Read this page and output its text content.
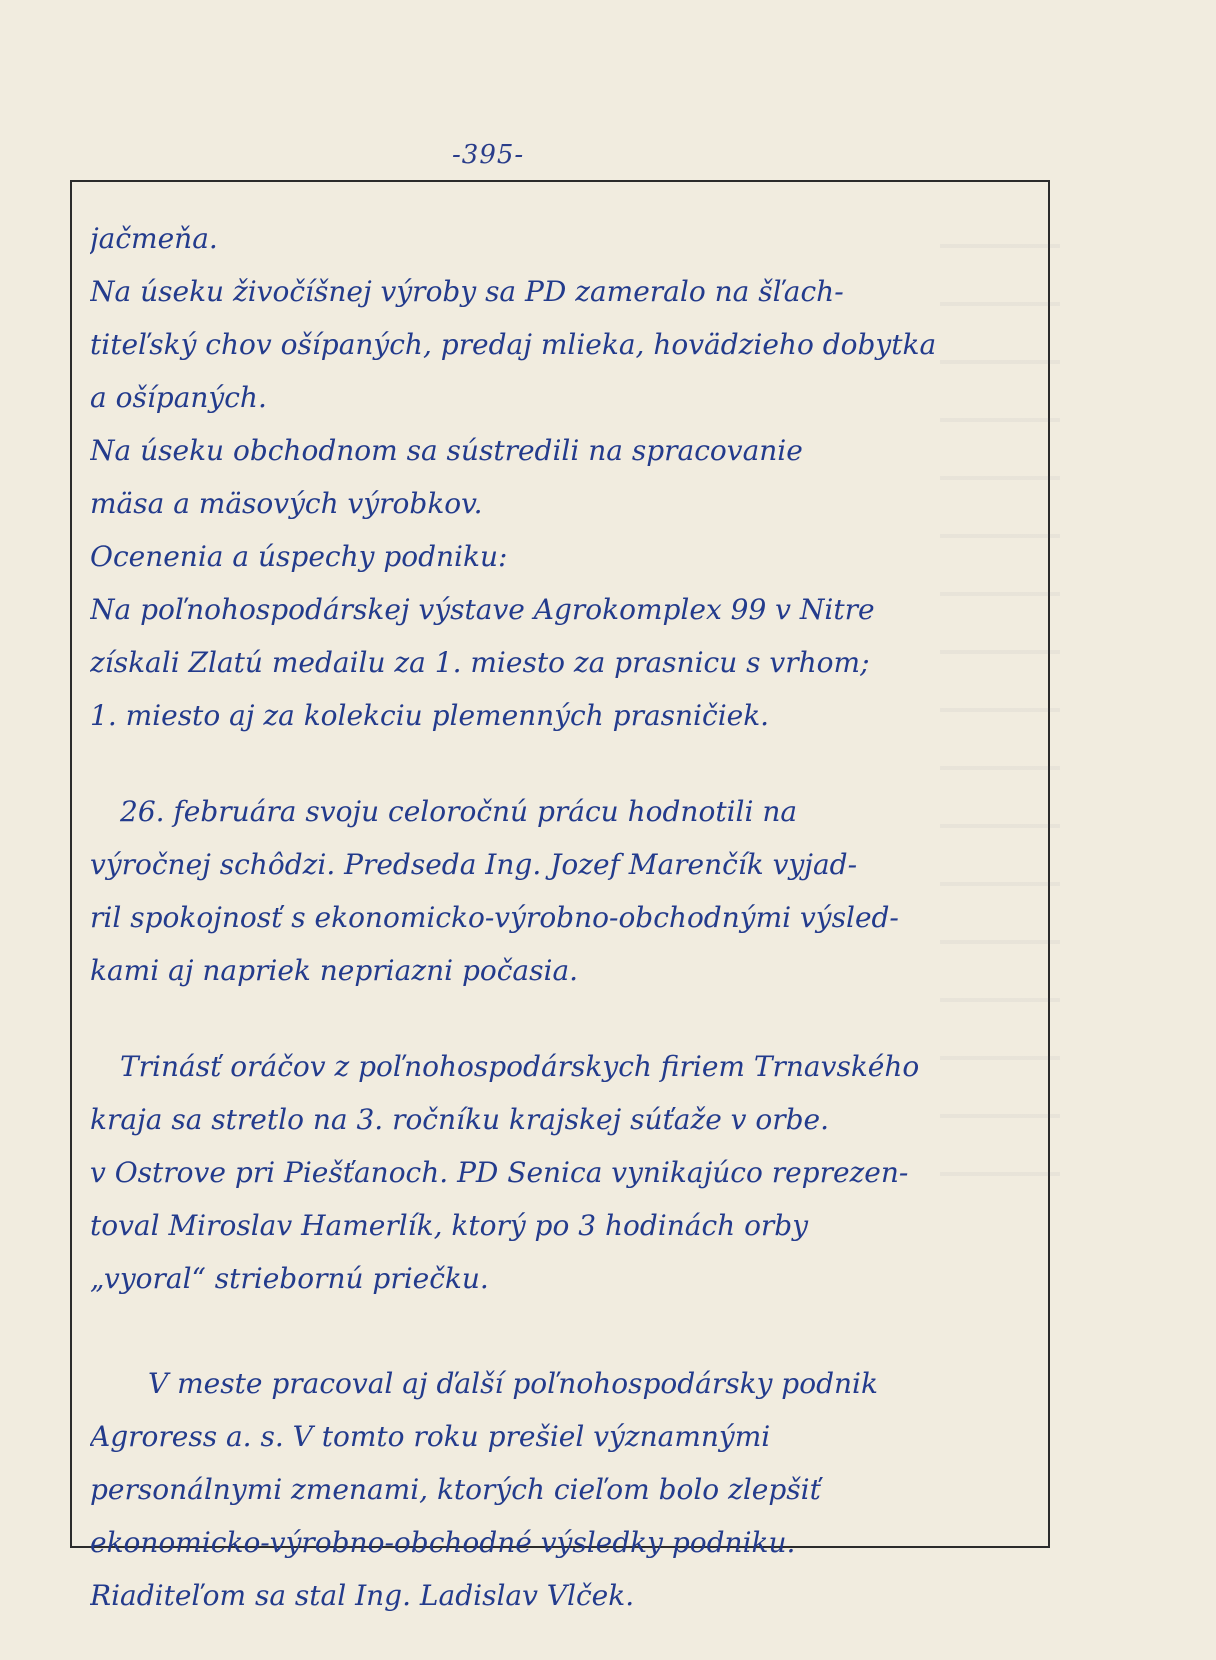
-395-
jačmeňa.
Na úseku živočíšnej výroby sa PD zameralo na šľach-
titeľský chov ošípaných, predaj mlieka, hovädzieho dobytka
a ošípaných.
Na úseku obchodnom sa sústredili na spracovanie
mäsa a mäsových výrobkov.
Ocenenia a úspechy podniku:
Na poľnohospodárskej výstave Agrokomplex 99 v Nitre
získali Zlatú medailu za 1. miesto za prasnicu s vrhom;
1. miesto aj za kolekciu plemenných prasničiek.
26. februára svoju celoročnú prácu hodnotili na
výročnej schôdzi. Predseda Ing. Jozef Marenčík vyjad-
ril spokojnosť s ekonomicko-výrobno-obchodnými výsled-
kami aj napriek nepriazni počasia.
Trinásť oráčov z poľnohospodárskych firiem Trnavského
kraja sa stretlo na 3. ročníku krajskej súťaže v orbe.
v Ostrove pri Piešťanoch. PD Senica vynikajúco reprezen-
toval Miroslav Hamerlík, ktorý po 3 hodinách orby
„vyoral“ striebornú priečku.
V meste pracoval aj ďalší poľnohospodársky podnik
Agroress a. s. V tomto roku prešiel významnými
personálnymi zmenami, ktorých cieľom bolo zlepšiť
ekonomicko-výrobno-obchodné výsledky podniku.
Riaditeľom sa stal Ing. Ladislav Vlček.
